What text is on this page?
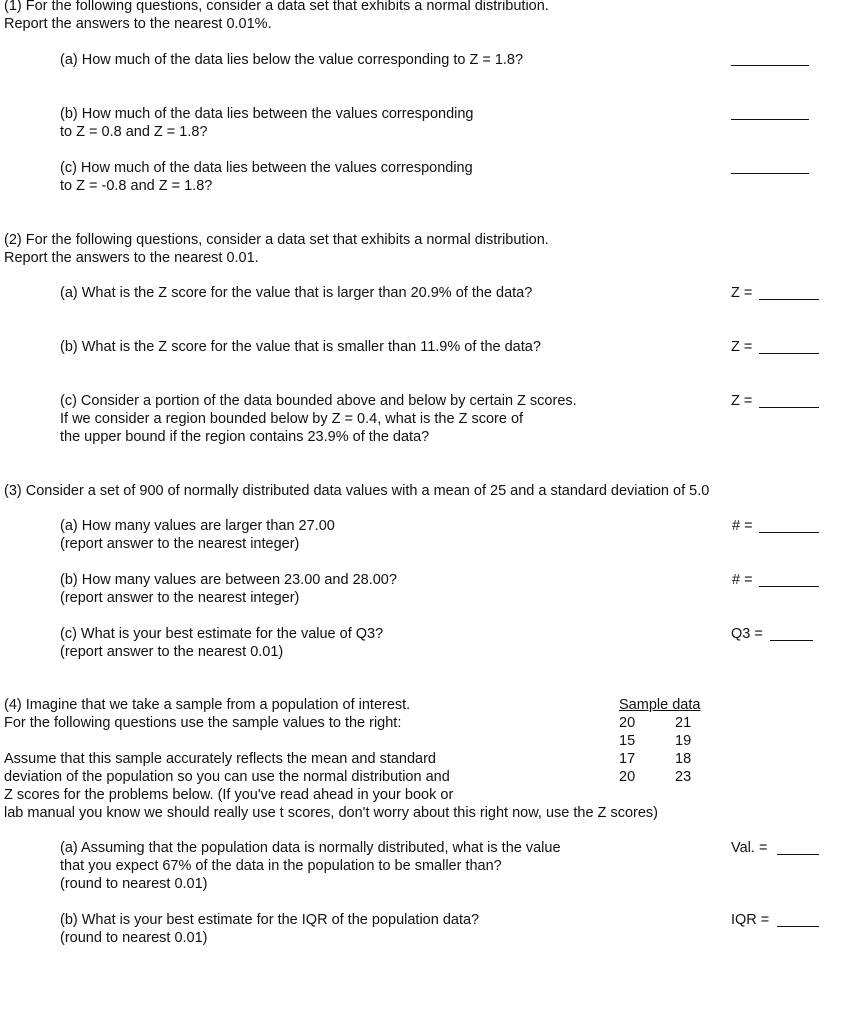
(1) For the following questions, consider a data set that exhibits a normal distribution.
Report the answers to the nearest 0.01%.
(a) How much of the data lies below the value corresponding to Z = 1.8?
(b) How much of the data lies between the values corresponding
to Z = 0.8 and Z = 1.8?
(c) How much of the data lies between the values corresponding
to Z = -0.8 and Z = 1.8?
(2) For the following questions, consider a data set that exhibits a normal distribution.
Report the answers to the nearest 0.01.
(a) What is the Z score for the value that is larger than 20.9% of the data?	Z =
(b) What is the Z score for the value that is smaller than 11.9% of the data?	Z =
(c) Consider a portion of the data bounded above and below by certain Z scores.
If we consider a region bounded below by Z = 0.4, what is the Z score of
the upper bound if the region contains 23.9% of the data?
Z =
(3) Consider a set of 900 of normally distributed data values with a mean of 25 and a standard deviation of 5.0
(a) How many values are larger than 27.00
(report answer to the nearest integer)
# =
(b) How many values are between 23.00 and 28.00?
(report answer to the nearest integer)
# =
(c) What is your best estimate for the value of Q3?
(report answer to the nearest 0.01)
Q3 =
(4) Imagine that we take a sample from a population of interest.
For the following questions use the sample values to the right:
Sample data
20	21
15	19
17	18
20	23
Assume that this sample accurately reflects the mean and standard
deviation of the population so you can use the normal distribution and
Z scores for the problems below. (If you've read ahead in your book or
lab manual you know we should really use t scores, don't worry about this right now, use the Z scores)
(a) Assuming that the population data is normally distributed, what is the value
that you expect 67% of the data in the population to be smaller than?
(round to nearest 0.01)
Val. =
(b) What is your best estimate for the IQR of the population data?
(round to nearest 0.01)
IQR =
